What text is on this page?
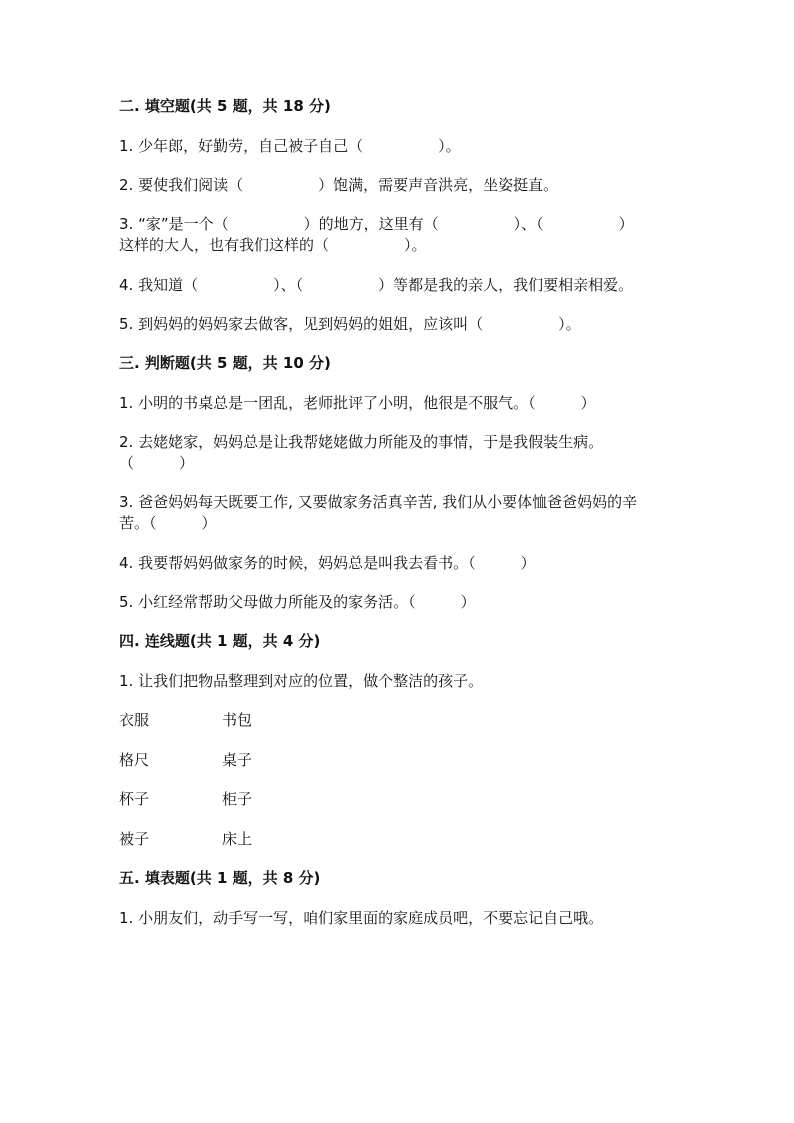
二. 填空题(共 5 题，共 18 分)
1. 少年郎，好勤劳，自己被子自己（　　　　　）。
2. 要使我们阅读（　　　　　）饱满，需要声音洪亮，坐姿挺直。
3. “家”是一个（　　　　　）的地方，这里有（　　　　　）、（　　　　　）
这样的大人，也有我们这样的（　　　　　）。
4. 我知道（　　　　　）、（　　　　　）等都是我的亲人，我们要相亲相爱。
5. 到妈妈的妈妈家去做客，见到妈妈的姐姐，应该叫（　　　　　）。
三. 判断题(共 5 题，共 10 分)
1. 小明的书桌总是一团乱，老师批评了小明，他很是不服气。（　　　）
2. 去姥姥家，妈妈总是让我帮姥姥做力所能及的事情，于是我假装生病。
（　　　）
3. 爸爸妈妈每天既要工作, 又要做家务活真辛苦, 我们从小要体恤爸爸妈妈的辛
苦。（　　　）
4. 我要帮妈妈做家务的时候，妈妈总是叫我去看书。（　　　）
5. 小红经常帮助父母做力所能及的家务活。（　　　）
四. 连线题(共 1 题，共 4 分)
1. 让我们把物品整理到对应的位置，做个整洁的孩子。
衣服	书包
格尺	桌子
杯子	柜子
被子	床上
五. 填表题(共 1 题，共 8 分)
1. 小朋友们，动手写一写，咱们家里面的家庭成员吧，不要忘记自己哦。
